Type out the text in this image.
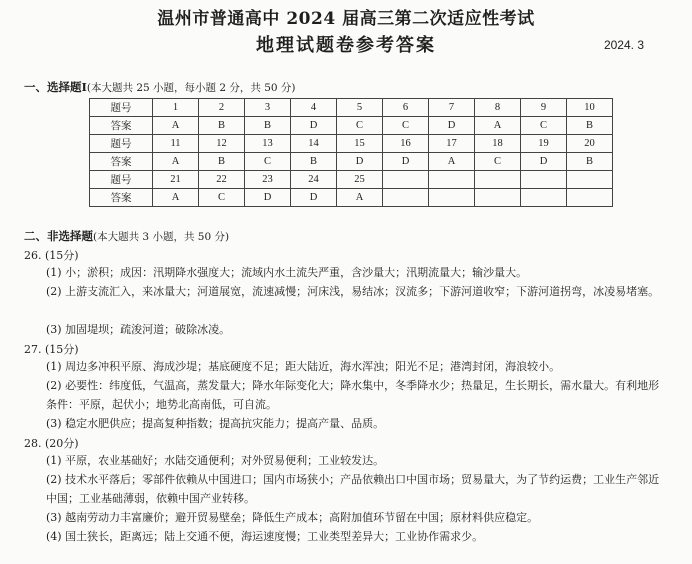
温州市普通高中 2024 届高三第二次适应性考试
地理试题卷参考答案	2024. 3
一、选择题Ⅰ(本大题共 25 小题，每小题 2 分，共 50 分)
题号	1	2	3	4	5	6	7	8	9	10
答案	A	B	B	D	C	C	D	A	C	B
题号	11	12	13	14	15	16	17	18	19	20
答案	A	B	C	B	D	D	A	C	D	B
题号	21	22	23	24	25					
答案	A	C	D	D	A					
二、非选择题(本大题共 3 小题，共 50 分)
26. (15分)
(1) 小；淤积；成因：汛期降水强度大；流域内水土流失严重，含沙量大；汛期流量大；输沙量大。
(2) 上游支流汇入，来冰量大；河道展宽，流速减慢；河床浅，易结冰；汊流多；下游河道收窄；下游河道拐弯，冰凌易堵塞。
(3) 加固堤坝；疏浚河道；破除冰凌。
27. (15分)
(1) 周边多冲积平原、海成沙堤；基底硬度不足；距大陆近，海水浑浊；阳光不足；港湾封闭，海浪较小。
(2) 必要性：纬度低，气温高，蒸发量大；降水年际变化大；降水集中，冬季降水少；热量足，生长期长，需水量大。有利地形条件：平原，起伏小；地势北高南低，可自流。
(3) 稳定水肥供应；提高复种指数；提高抗灾能力；提高产量、品质。
28. (20分)
(1) 平原，农业基础好；水陆交通便利；对外贸易便利；工业较发达。
(2) 技术水平落后；零部件依赖从中国进口；国内市场狭小；产品依赖出口中国市场；贸易量大，为了节约运费；工业生产邻近中国；工业基础薄弱，依赖中国产业转移。
(3) 越南劳动力丰富廉价；避开贸易壁垒；降低生产成本；高附加值环节留在中国；原材料供应稳定。
(4) 国土狭长，距离远；陆上交通不便，海运速度慢；工业类型差异大；工业协作需求少。
